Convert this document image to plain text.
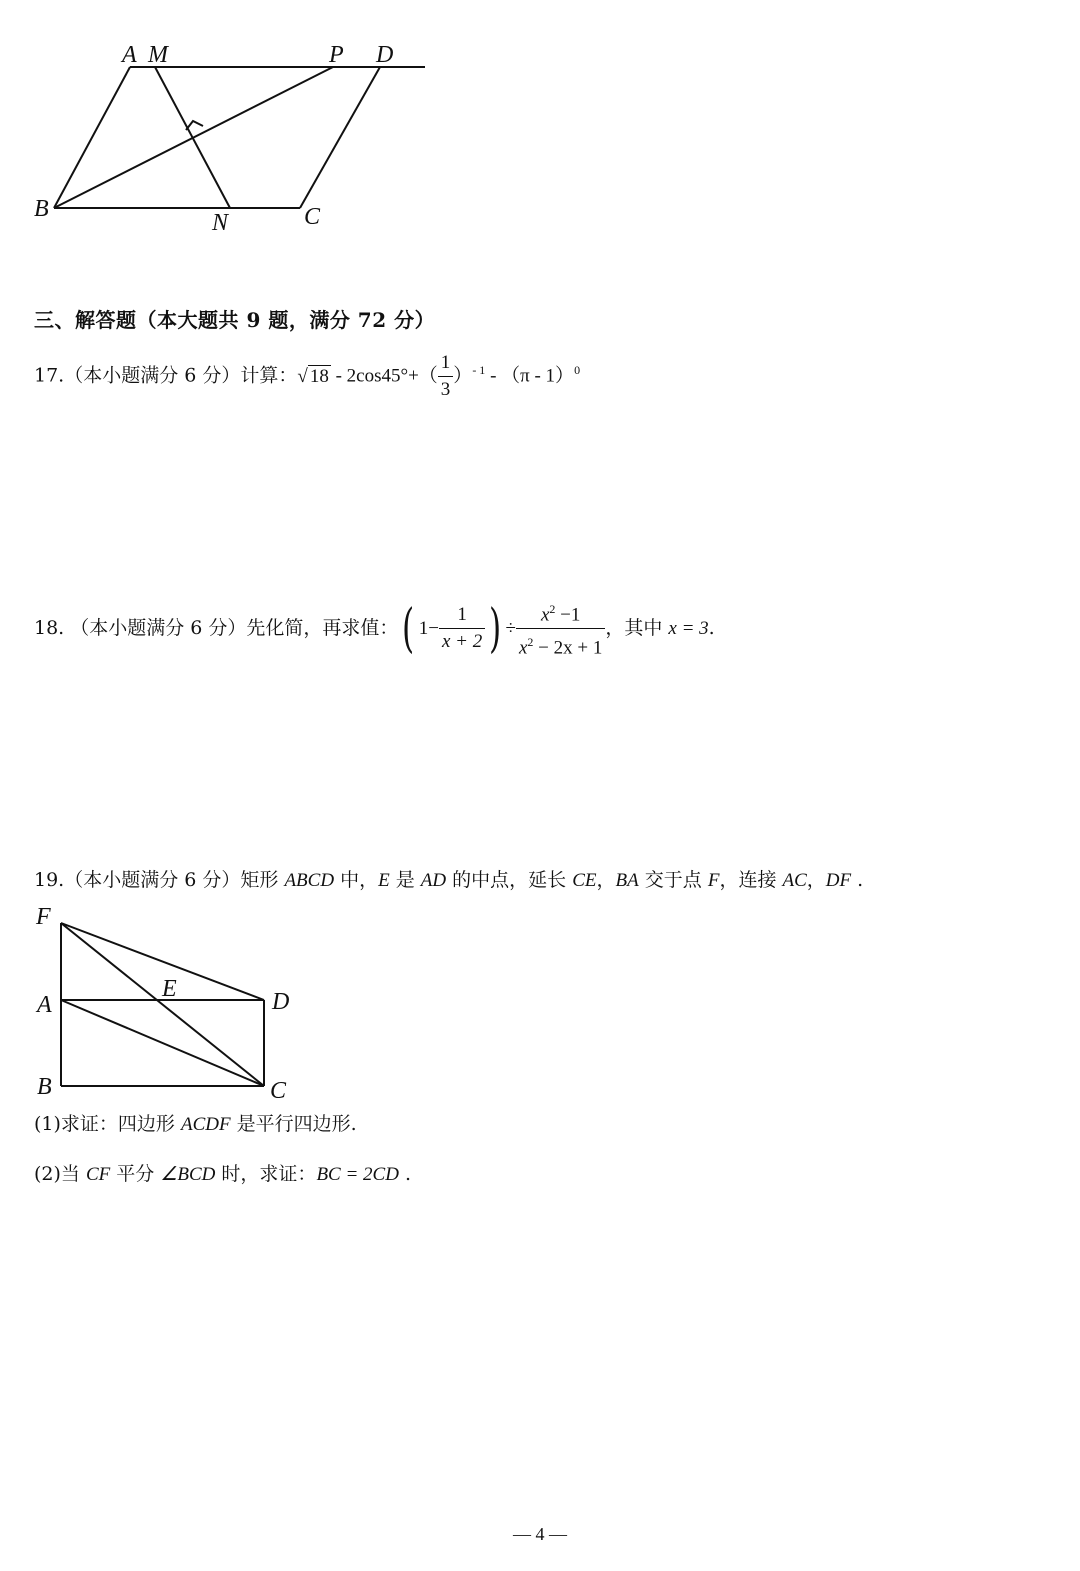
A M	P D
B
N	C
三、解答题（本大题共 9 题，满分 72 分）
17.（本小题满分 6 分）计算：√ $18 - 2\cos 45^\circ+( \frac{1}{3} )^{- 1} - (\pi - 1)^0$
18. （本小题满分 6 分）先化简，再求值：( $1- \frac{1}{x + 2}$ ) ÷ $\frac{x^2 -1}{x^2 - 2x + 1}$ ，其中 x = 3.
19.（本小题满分 6 分）矩形 ABCD 中，E 是 AD 的中点，延长 CE，BA 交于点 F，连接 AC，DF .
F
E
A	D
B	C
(1)求证：四边形 ACDF 是平行四边形.
(2)当 CF 平分 ∠BCD 时，求证：BC = 2CD .
— 4 —
